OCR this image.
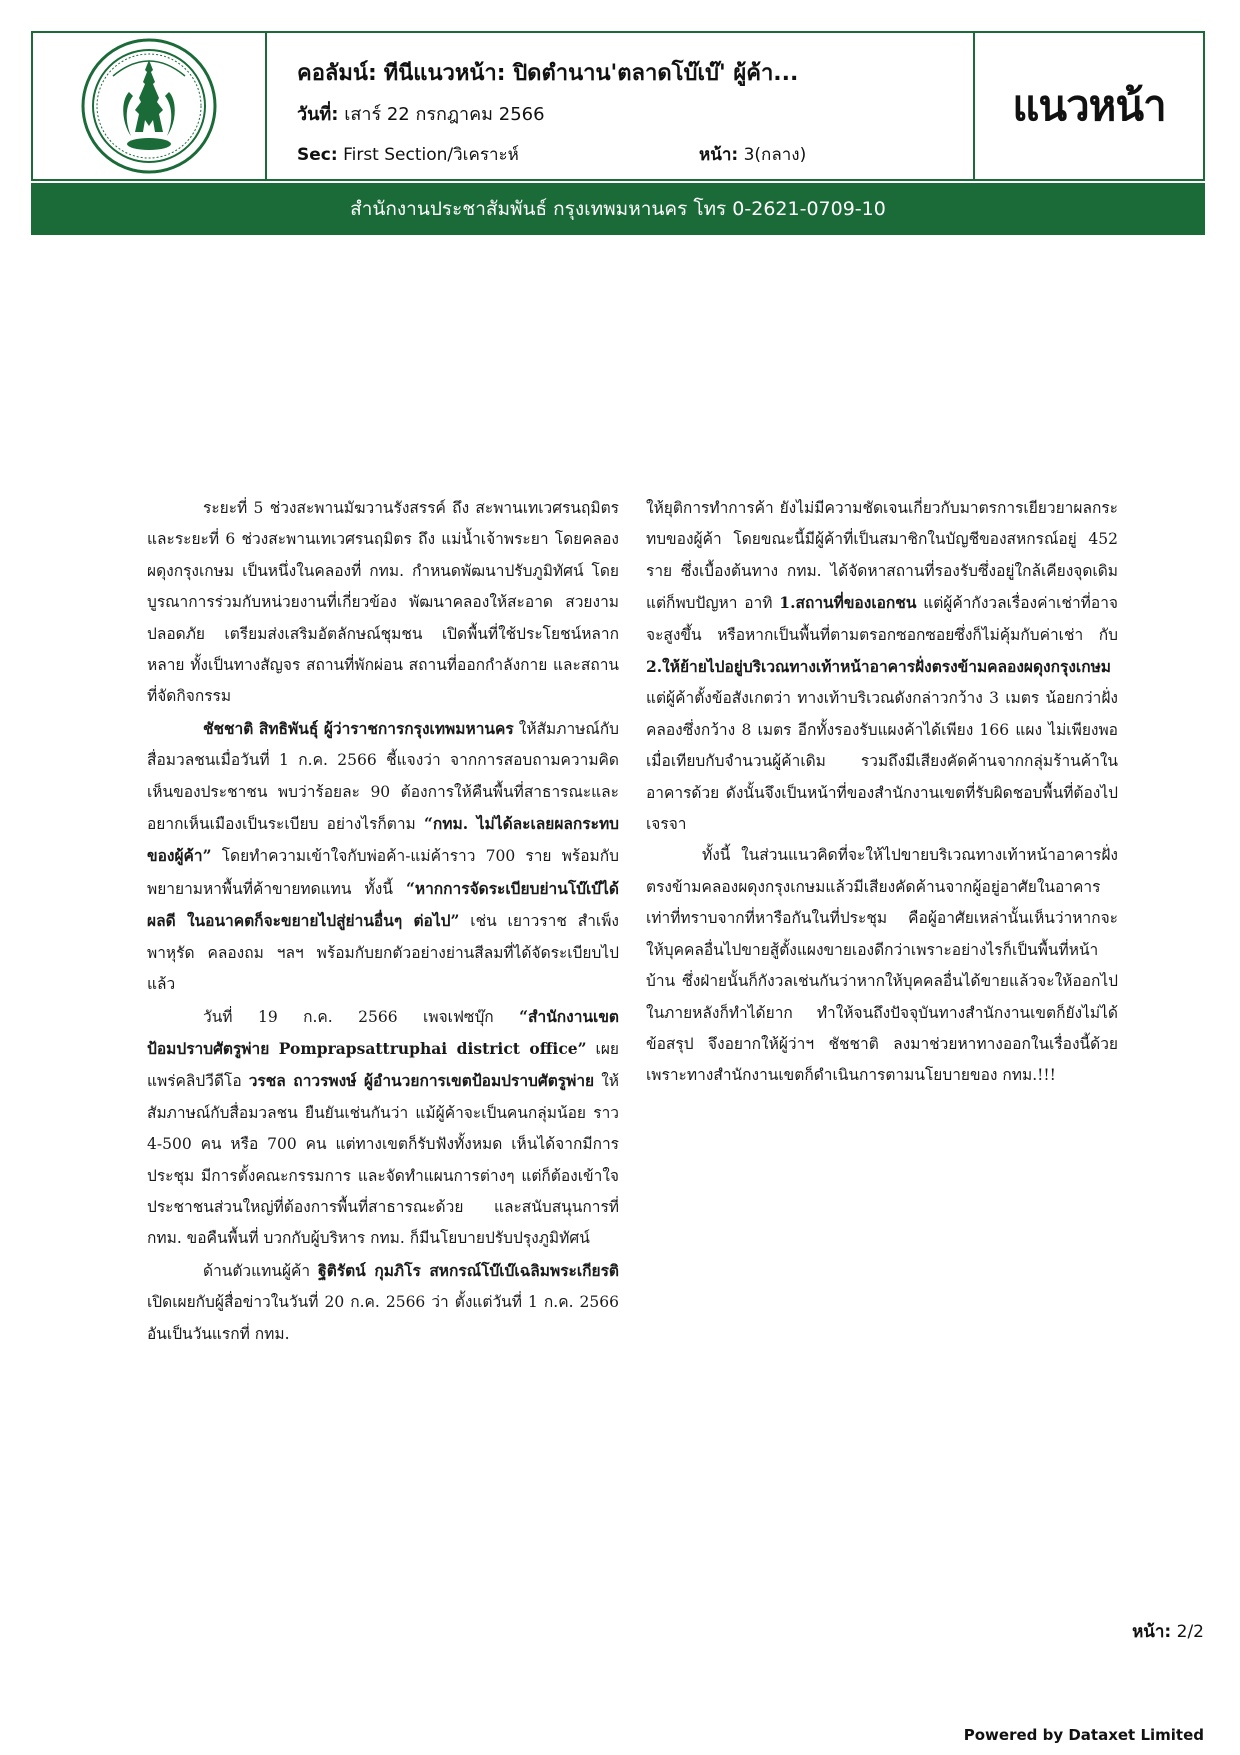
คอลัมน์: ทีนีแนวหน้า: ปิดตำนาน'ตลาดโบ๊เบ๊' ผู้ค้า...
วันที่: เสาร์ 22 กรกฎาคม 2566
Sec: First Section/วิเคราะห์	หน้า: 3(กลาง)
แนวหน้า
สำนักงานประชาสัมพันธ์ กรุงเทพมหานคร โทร 0-2621-0709-10

ระยะที่ 5 ช่วงสะพานมัฆวานรังสรรค์ ถึง สะพานเทเวศรนฤมิตร และระยะที่ 6 ช่วงสะพานเทเวศรนฤมิตร ถึง แม่น้ำเจ้าพระยา โดยคลองผดุงกรุงเกษม เป็นหนึ่งในคลองที่ กทม. กำหนดพัฒนาปรับภูมิทัศน์ โดยบูรณาการร่วมกับหน่วยงานที่เกี่ยวข้อง พัฒนาคลองให้สะอาด สวยงาม ปลอดภัย เตรียมส่งเสริมอัตลักษณ์ชุมชน เปิดพื้นที่ใช้ประโยชน์หลากหลาย ทั้งเป็นทางสัญจร สถานที่พักผ่อน สถานที่ออกกำลังกาย และสถานที่จัดกิจกรรม

ชัชชาติ สิทธิพันธุ์ ผู้ว่าราชการกรุงเทพมหานคร ให้สัมภาษณ์กับสื่อมวลชนเมื่อวันที่ 1 ก.ค. 2566 ชี้แจงว่า จากการสอบถามความคิดเห็นของประชาชน พบว่าร้อยละ 90 ต้องการให้คืนพื้นที่สาธารณะและอยากเห็นเมืองเป็นระเบียบ อย่างไรก็ตาม “กทม. ไม่ได้ละเลยผลกระทบของผู้ค้า” โดยทำความเข้าใจกับพ่อค้า-แม่ค้าราว 700 ราย พร้อมกับพยายามหาพื้นที่ค้าขายทดแทน ทั้งนี้ “หากการจัดระเบียบย่านโบ๊เบ๊ได้ผลดี ในอนาคตก็จะขยายไปสู่ย่านอื่นๆ ต่อไป” เช่น เยาวราช สำเพ็ง พาหุรัด คลองถม ฯลฯ พร้อมกับยกตัวอย่างย่านสีลมที่ได้จัดระเบียบไปแล้ว

วันที่ 19 ก.ค. 2566 เพจเฟซบุ๊ก “สำนักงานเขตป้อมปราบศัตรูพ่าย Pomprapsattruphai district office” เผยแพร่คลิปวีดีโอ วรชล ถาวรพงษ์ ผู้อำนวยการเขตป้อมปราบศัตรูพ่าย ให้สัมภาษณ์กับสื่อมวลชน ยืนยันเช่นกันว่า แม้ผู้ค้าจะเป็นคนกลุ่มน้อย ราว 4-500 คน หรือ 700 คน แต่ทางเขตก็รับฟังทั้งหมด เห็นได้จากมีการประชุม มีการตั้งคณะกรรมการ และจัดทำแผนการต่างๆ แต่ก็ต้องเข้าใจประชาชนส่วนใหญ่ที่ต้องการพื้นที่สาธารณะด้วย และสนับสนุนการที่ กทม. ขอคืนพื้นที่ บวกกับผู้บริหาร กทม. ก็มีนโยบายปรับปรุงภูมิทัศน์

ด้านตัวแทนผู้ค้า ฐิติรัตน์ กุมภิโร สหกรณ์โบ๊เบ๊เฉลิมพระเกียรติ เปิดเผยกับผู้สื่อข่าวในวันที่ 20 ก.ค. 2566 ว่า ตั้งแต่วันที่ 1 ก.ค. 2566 อันเป็นวันแรกที่ กทม.

ให้ยุติการทำการค้า ยังไม่มีความชัดเจนเกี่ยวกับมาตรการเยียวยาผลกระทบของผู้ค้า โดยขณะนี้มีผู้ค้าที่เป็นสมาชิกในบัญชีของสหกรณ์อยู่ 452 ราย ซึ่งเบื้องต้นทาง กทม. ได้จัดหาสถานที่รองรับซึ่งอยู่ใกล้เคียงจุดเดิม แต่ก็พบปัญหา อาทิ 1.สถานที่ของเอกชน แต่ผู้ค้ากังวลเรื่องค่าเช่าที่อาจจะสูงขึ้น หรือหากเป็นพื้นที่ตามตรอกซอกซอยซึ่งก็ไม่คุ้มกับค่าเช่า กับ 2.ให้ย้ายไปอยู่บริเวณทางเท้าหน้าอาคารฝั่งตรงข้ามคลองผดุงกรุงเกษม แต่ผู้ค้าตั้งข้อสังเกตว่า ทางเท้าบริเวณดังกล่าวกว้าง 3 เมตร น้อยกว่าฝั่งคลองซึ่งกว้าง 8 เมตร อีกทั้งรองรับแผงค้าได้เพียง 166 แผง ไม่เพียงพอเมื่อเทียบกับจำนวนผู้ค้าเดิม รวมถึงมีเสียงคัดค้านจากกลุ่มร้านค้าในอาคารด้วย ดังนั้นจึงเป็นหน้าที่ของสำนักงานเขตที่รับผิดชอบพื้นที่ต้องไปเจรจา

ทั้งนี้ ในส่วนแนวคิดที่จะให้ไปขายบริเวณทางเท้าหน้าอาคารฝั่งตรงข้ามคลองผดุงกรุงเกษมแล้วมีเสียงคัดค้านจากผู้อยู่อาศัยในอาคาร เท่าที่ทราบจากที่หารือกันในที่ประชุม คือผู้อาศัยเหล่านั้นเห็นว่าหากจะให้บุคคลอื่นไปขายสู้ตั้งแผงขายเองดีกว่าเพราะอย่างไรก็เป็นพื้นที่หน้าบ้าน ซึ่งฝ่ายนั้นก็กังวลเช่นกันว่าหากให้บุคคลอื่นได้ขายแล้วจะให้ออกไปในภายหลังก็ทำได้ยาก ทำให้จนถึงปัจจุบันทางสำนักงานเขตก็ยังไม่ได้ข้อสรุป จึงอยากให้ผู้ว่าฯ ชัชชาติ ลงมาช่วยหาทางออกในเรื่องนี้ด้วย เพราะทางสำนักงานเขตก็ดำเนินการตามนโยบายของ กทม.!!!

หน้า: 2/2
Powered by Dataxet Limited
